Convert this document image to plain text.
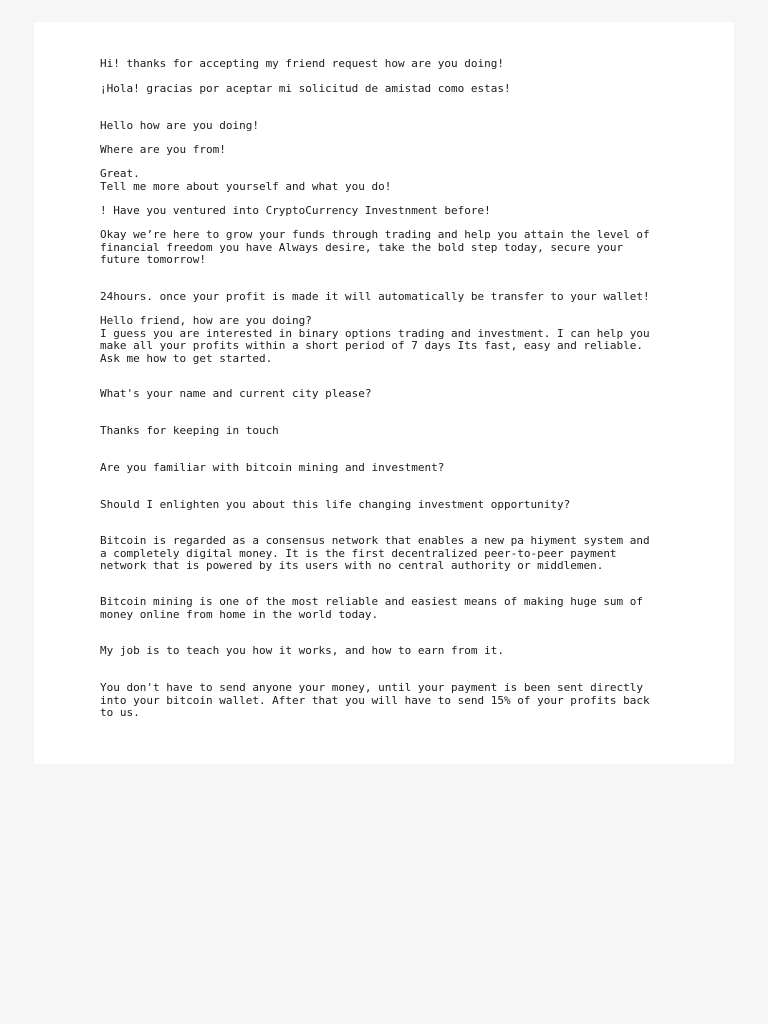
Hi! thanks for accepting my friend request how are you doing!

¡Hola! gracias por aceptar mi solicitud de amistad como estas!

Hello how are you doing!

Where are you from!

Great.
Tell me more about yourself and what you do!

! Have you ventured into CryptoCurrency Investnment before!

Okay we’re here to grow your funds through trading and help you attain the level of
financial freedom you have Always desire, take the bold step today, secure your
future tomorrow!

24hours. once your profit is made it will automatically be transfer to your wallet!

Hello friend, how are you doing?
I guess you are interested in binary options trading and investment. I can help you
make all your profits within a short period of 7 days Its fast, easy and reliable.
Ask me how to get started.

What's your name and current city please?

Thanks for keeping in touch

Are you familiar with bitcoin mining and investment?

Should I enlighten you about this life changing investment opportunity?

Bitcoin is regarded as a consensus network that enables a new pa hiyment system and
a completely digital money. It is the first decentralized peer-to-peer payment
network that is powered by its users with no central authority or middlemen.

Bitcoin mining is one of the most reliable and easiest means of making huge sum of
money online from home in the world today.

My job is to teach you how it works, and how to earn from it.

You don't have to send anyone your money, until your payment is been sent directly
into your bitcoin wallet. After that you will have to send 15% of your profits back
to us.
